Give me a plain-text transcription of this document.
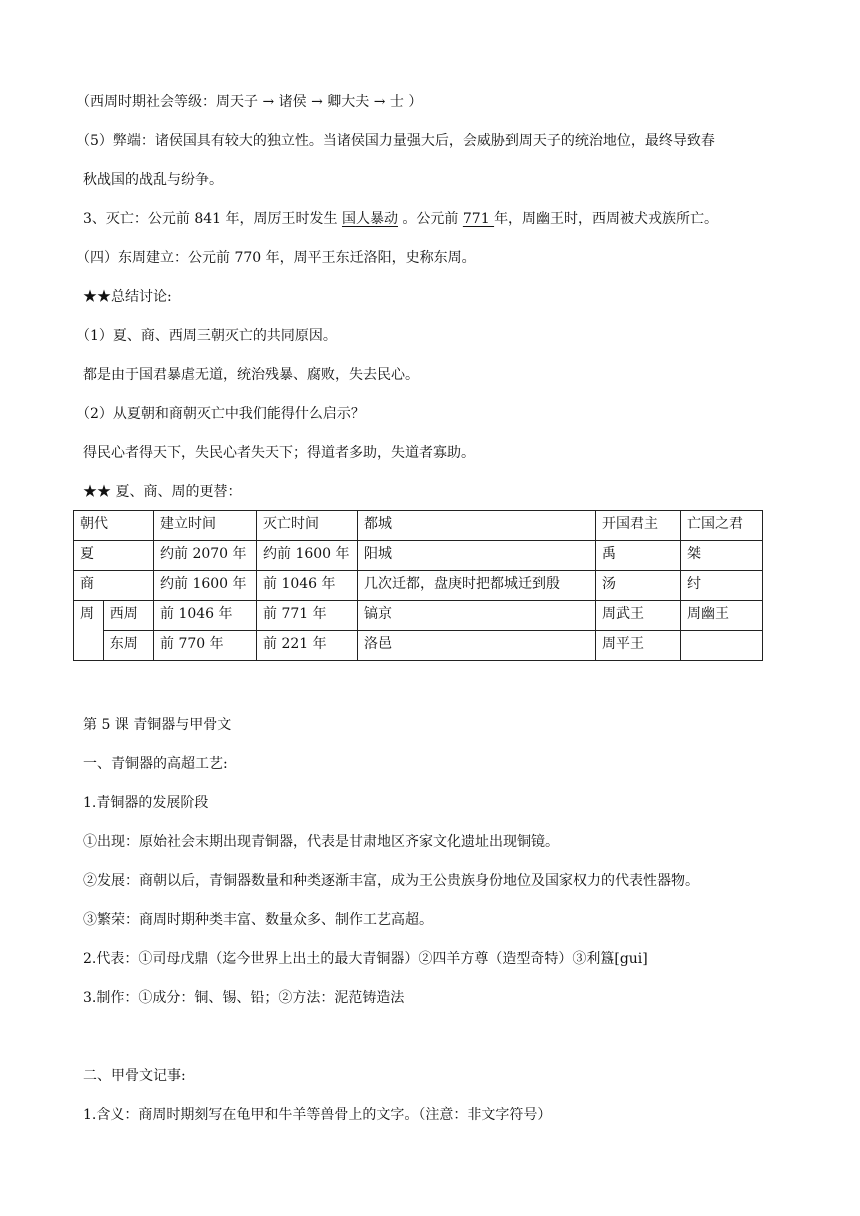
（西周时期社会等级：周天子 → 诸侯 → 卿大夫 → 士 ）
（5）弊端：诸侯国具有较大的独立性。当诸侯国力量强大后，会威胁到周天子的统治地位，最终导致春
秋战国的战乱与纷争。
3、灭亡：公元前 841 年，周厉王时发生 国人暴动 。公元前 771 年，周幽王时，西周被犬戎族所亡。
（四）东周建立：公元前 770 年，周平王东迁洛阳，史称东周。
★★总结讨论:
（1）夏、商、西周三朝灭亡的共同原因。
都是由于国君暴虐无道，统治残暴、腐败，失去民心。
（2）从夏朝和商朝灭亡中我们能得什么启示？
得民心者得天下，失民心者失天下；得道者多助，失道者寡助。
★★ 夏、商、周的更替：
朝代		建立时间	灭亡时间	都城	开国君主	亡国之君
夏		约前 2070 年	约前 1600 年	阳城	禹	桀
商		约前 1600 年	前 1046 年	几次迁都，盘庚时把都城迁到殷	汤	纣
周	西周	前 1046 年	前 771 年	镐京	周武王	周幽王
	东周	前 770 年	前 221 年	洛邑	周平王	
第 5 课 青铜器与甲骨文
一、青铜器的高超工艺:
1.青铜器的发展阶段
①出现：原始社会末期出现青铜器，代表是甘肃地区齐家文化遗址出现铜镜。
②发展：商朝以后，青铜器数量和种类逐渐丰富，成为王公贵族身份地位及国家权力的代表性器物。
③繁荣：商周时期种类丰富、数量众多、制作工艺高超。
2.代表：①司母戊鼎（迄今世界上出土的最大青铜器）②四羊方尊（造型奇特）③利簋[gui]
3.制作：①成分：铜、锡、铅；②方法：泥范铸造法
二、甲骨文记事:
1.含义：商周时期刻写在龟甲和牛羊等兽骨上的文字。（注意：非文字符号）
